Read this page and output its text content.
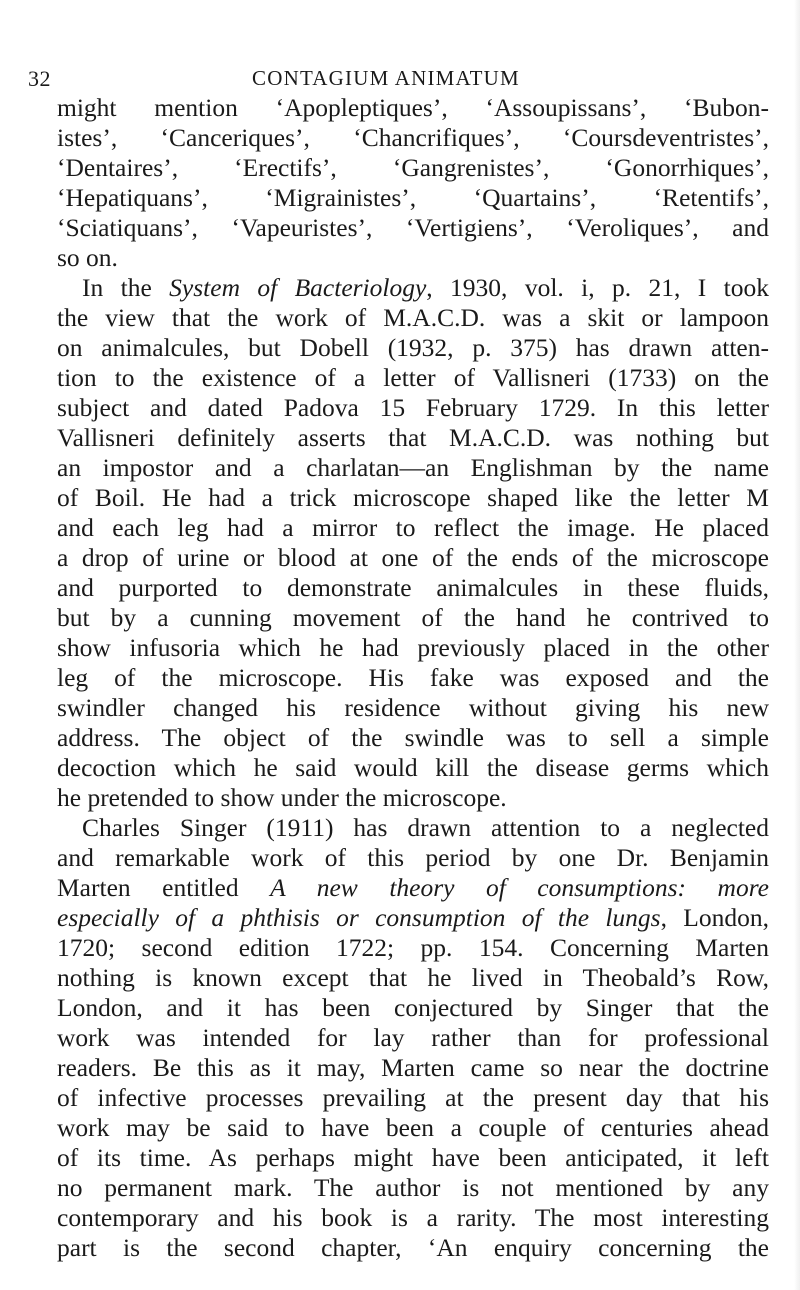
32	CONTAGIUM ANIMATUM
might mention ‘Apopleptiques’, ‘Assoupissans’, ‘Bubon-
istes’, ‘Canceriques’, ‘Chancrifiques’, ‘Coursdeventristes’,
‘Dentaires’, ‘Erectifs’, ‘Gangrenistes’, ‘Gonorrhiques’,
‘Hepatiquans’, ‘Migrainistes’, ‘Quartains’, ‘Retentifs’,
‘Sciatiquans’, ‘Vapeuristes’, ‘Vertigiens’, ‘Veroliques’, and
so on.
In the System of Bacteriology, 1930, vol. i, p. 21, I took
the view that the work of M.A.C.D. was a skit or lampoon
on animalcules, but Dobell (1932, p. 375) has drawn atten-
tion to the existence of a letter of Vallisneri (1733) on the
subject and dated Padova 15 February 1729. In this letter
Vallisneri definitely asserts that M.A.C.D. was nothing but
an impostor and a charlatan—an Englishman by the name
of Boil. He had a trick microscope shaped like the letter M
and each leg had a mirror to reflect the image. He placed
a drop of urine or blood at one of the ends of the microscope
and purported to demonstrate animalcules in these fluids,
but by a cunning movement of the hand he contrived to
show infusoria which he had previously placed in the other
leg of the microscope. His fake was exposed and the
swindler changed his residence without giving his new
address. The object of the swindle was to sell a simple
decoction which he said would kill the disease germs which
he pretended to show under the microscope.
Charles Singer (1911) has drawn attention to a neglected
and remarkable work of this period by one Dr. Benjamin
Marten entitled A new theory of consumptions: more
especially of a phthisis or consumption of the lungs, London,
1720; second edition 1722; pp. 154. Concerning Marten
nothing is known except that he lived in Theobald’s Row,
London, and it has been conjectured by Singer that the
work was intended for lay rather than for professional
readers. Be this as it may, Marten came so near the doctrine
of infective processes prevailing at the present day that his
work may be said to have been a couple of centuries ahead
of its time. As perhaps might have been anticipated, it left
no permanent mark. The author is not mentioned by any
contemporary and his book is a rarity. The most interesting
part is the second chapter, ‘An enquiry concerning the
